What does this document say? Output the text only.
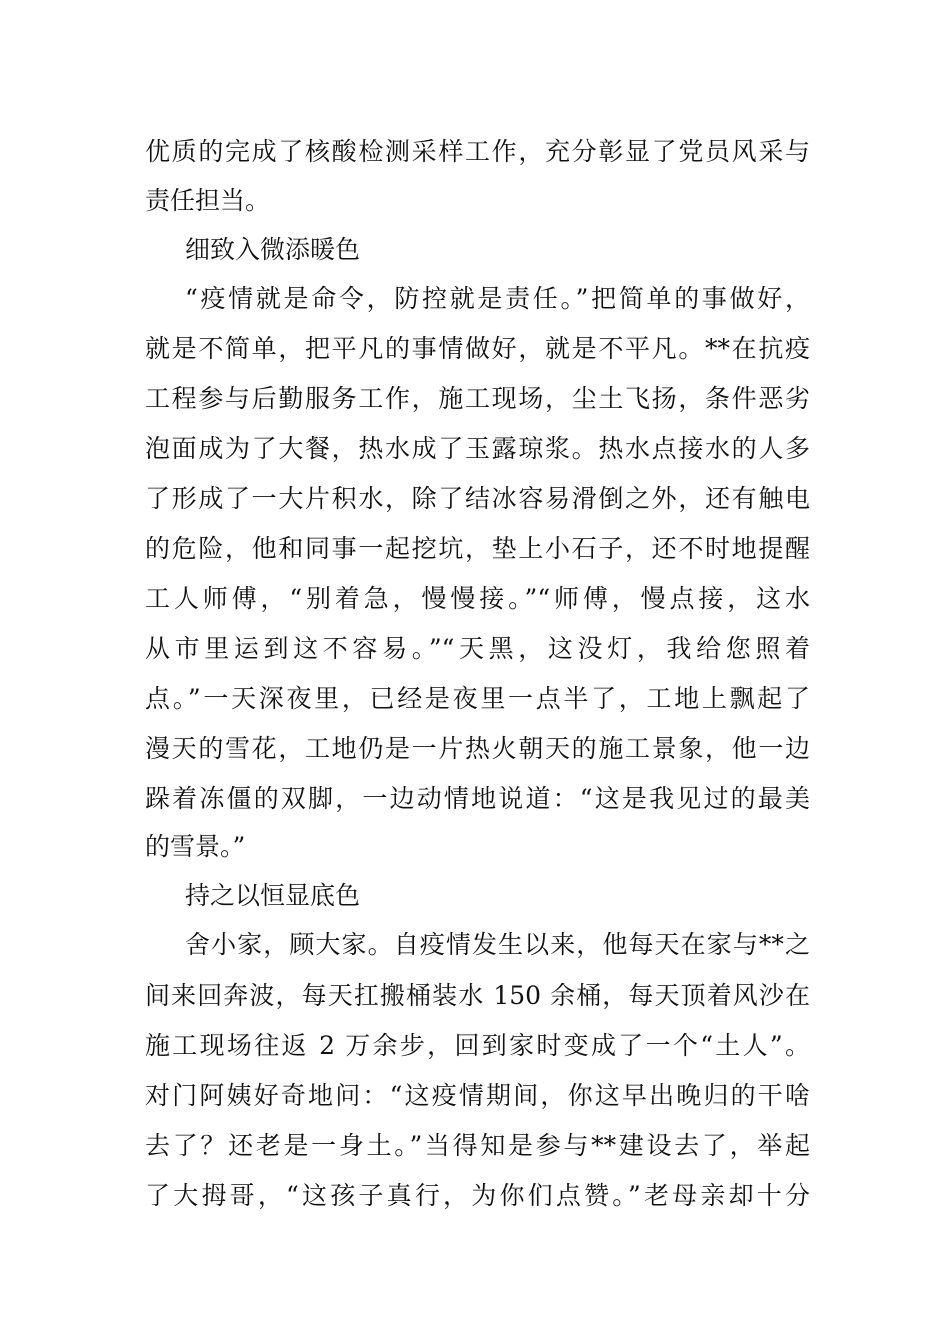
优质的完成了核酸检测采样工作，充分彰显了党员风采与
责任担当。
细致入微添暖色
“疫情就是命令，防控就是责任。”把简单的事做好，
就是不简单，把平凡的事情做好，就是不平凡。**在抗疫
工程参与后勤服务工作，施工现场，尘土飞扬，条件恶劣
泡面成为了大餐，热水成了玉露琼浆。热水点接水的人多
了形成了一大片积水，除了结冰容易滑倒之外，还有触电
的危险，他和同事一起挖坑，垫上小石子，还不时地提醒
工人师傅，“别着急，慢慢接。”“师傅，慢点接，这水
从市里运到这不容易。”“天黑，这没灯，我给您照着
点。”一天深夜里，已经是夜里一点半了，工地上飘起了
漫天的雪花，工地仍是一片热火朝天的施工景象，他一边
跺着冻僵的双脚，一边动情地说道：“这是我见过的最美
的雪景。”
持之以恒显底色
舍小家，顾大家。自疫情发生以来，他每天在家与**之
间来回奔波，每天扛搬桶装水 150 余桶，每天顶着风沙在
施工现场往返 2 万余步，回到家时变成了一个“土人”。
对门阿姨好奇地问：“这疫情期间，你这早出晚归的干啥
去了？还老是一身土。”当得知是参与**建设去了，举起
了大拇哥，“这孩子真行，为你们点赞。”老母亲却十分
